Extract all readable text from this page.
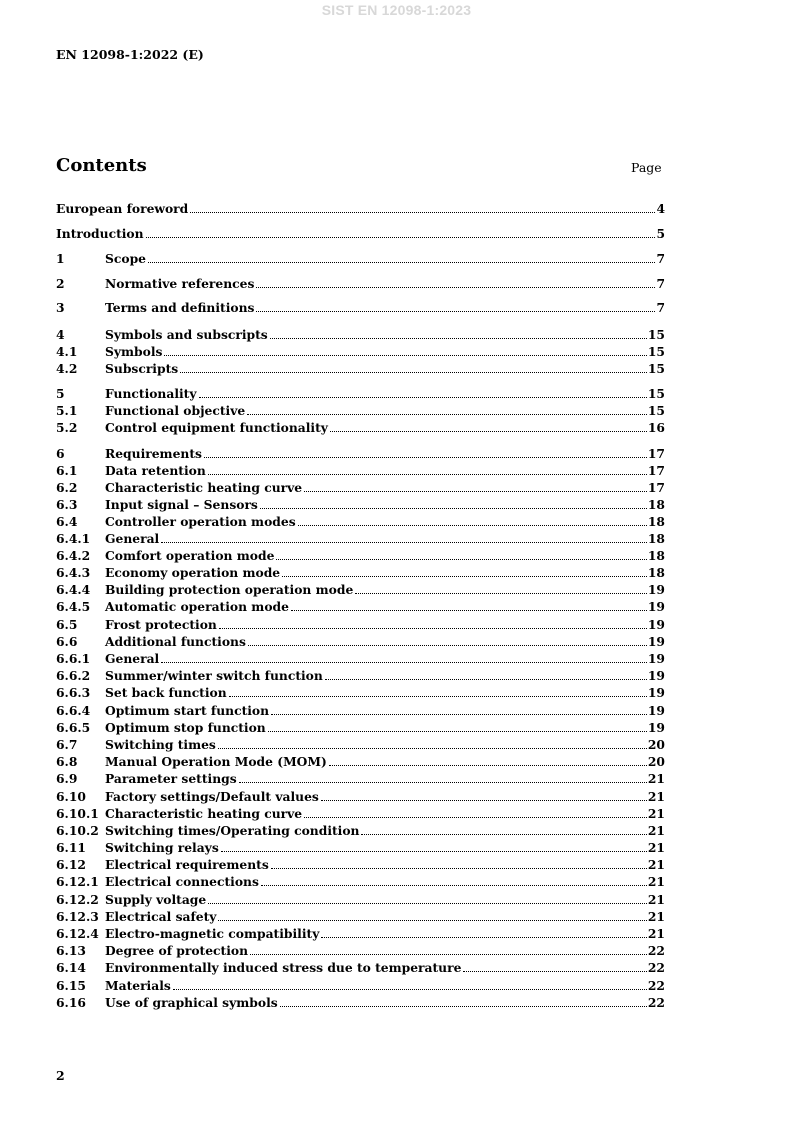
SIST EN 12098-1:2023
EN 12098-1:2022 (E)
Contents	Page
European foreword	4
Introduction	5
1	Scope	7
2	Normative references	7
3	Terms and definitions	7
4	Symbols and subscripts	15
4.1	Symbols	15
4.2	Subscripts	15
5	Functionality	15
5.1	Functional objective	15
5.2	Control equipment functionality	16
6	Requirements	17
6.1	Data retention	17
6.2	Characteristic heating curve	17
6.3	Input signal – Sensors	18
6.4	Controller operation modes	18
6.4.1	General	18
6.4.2	Comfort operation mode	18
6.4.3	Economy operation mode	18
6.4.4	Building protection operation mode	19
6.4.5	Automatic operation mode	19
6.5	Frost protection	19
6.6	Additional functions	19
6.6.1	General	19
6.6.2	Summer/winter switch function	19
6.6.3	Set back function	19
6.6.4	Optimum start function	19
6.6.5	Optimum stop function	19
6.7	Switching times	20
6.8	Manual Operation Mode (MOM)	20
6.9	Parameter settings	21
6.10	Factory settings/Default values	21
6.10.1 Characteristic heating curve	21
6.10.2 Switching times/Operating condition	21
6.11	Switching relays	21
6.12	Electrical requirements	21
6.12.1 Electrical connections	21
6.12.2 Supply voltage	21
6.12.3 Electrical safety	21
6.12.4 Electro-magnetic compatibility	21
6.13	Degree of protection	22
6.14	Environmentally induced stress due to temperature	22
6.15	Materials	22
6.16	Use of graphical symbols	22
2
